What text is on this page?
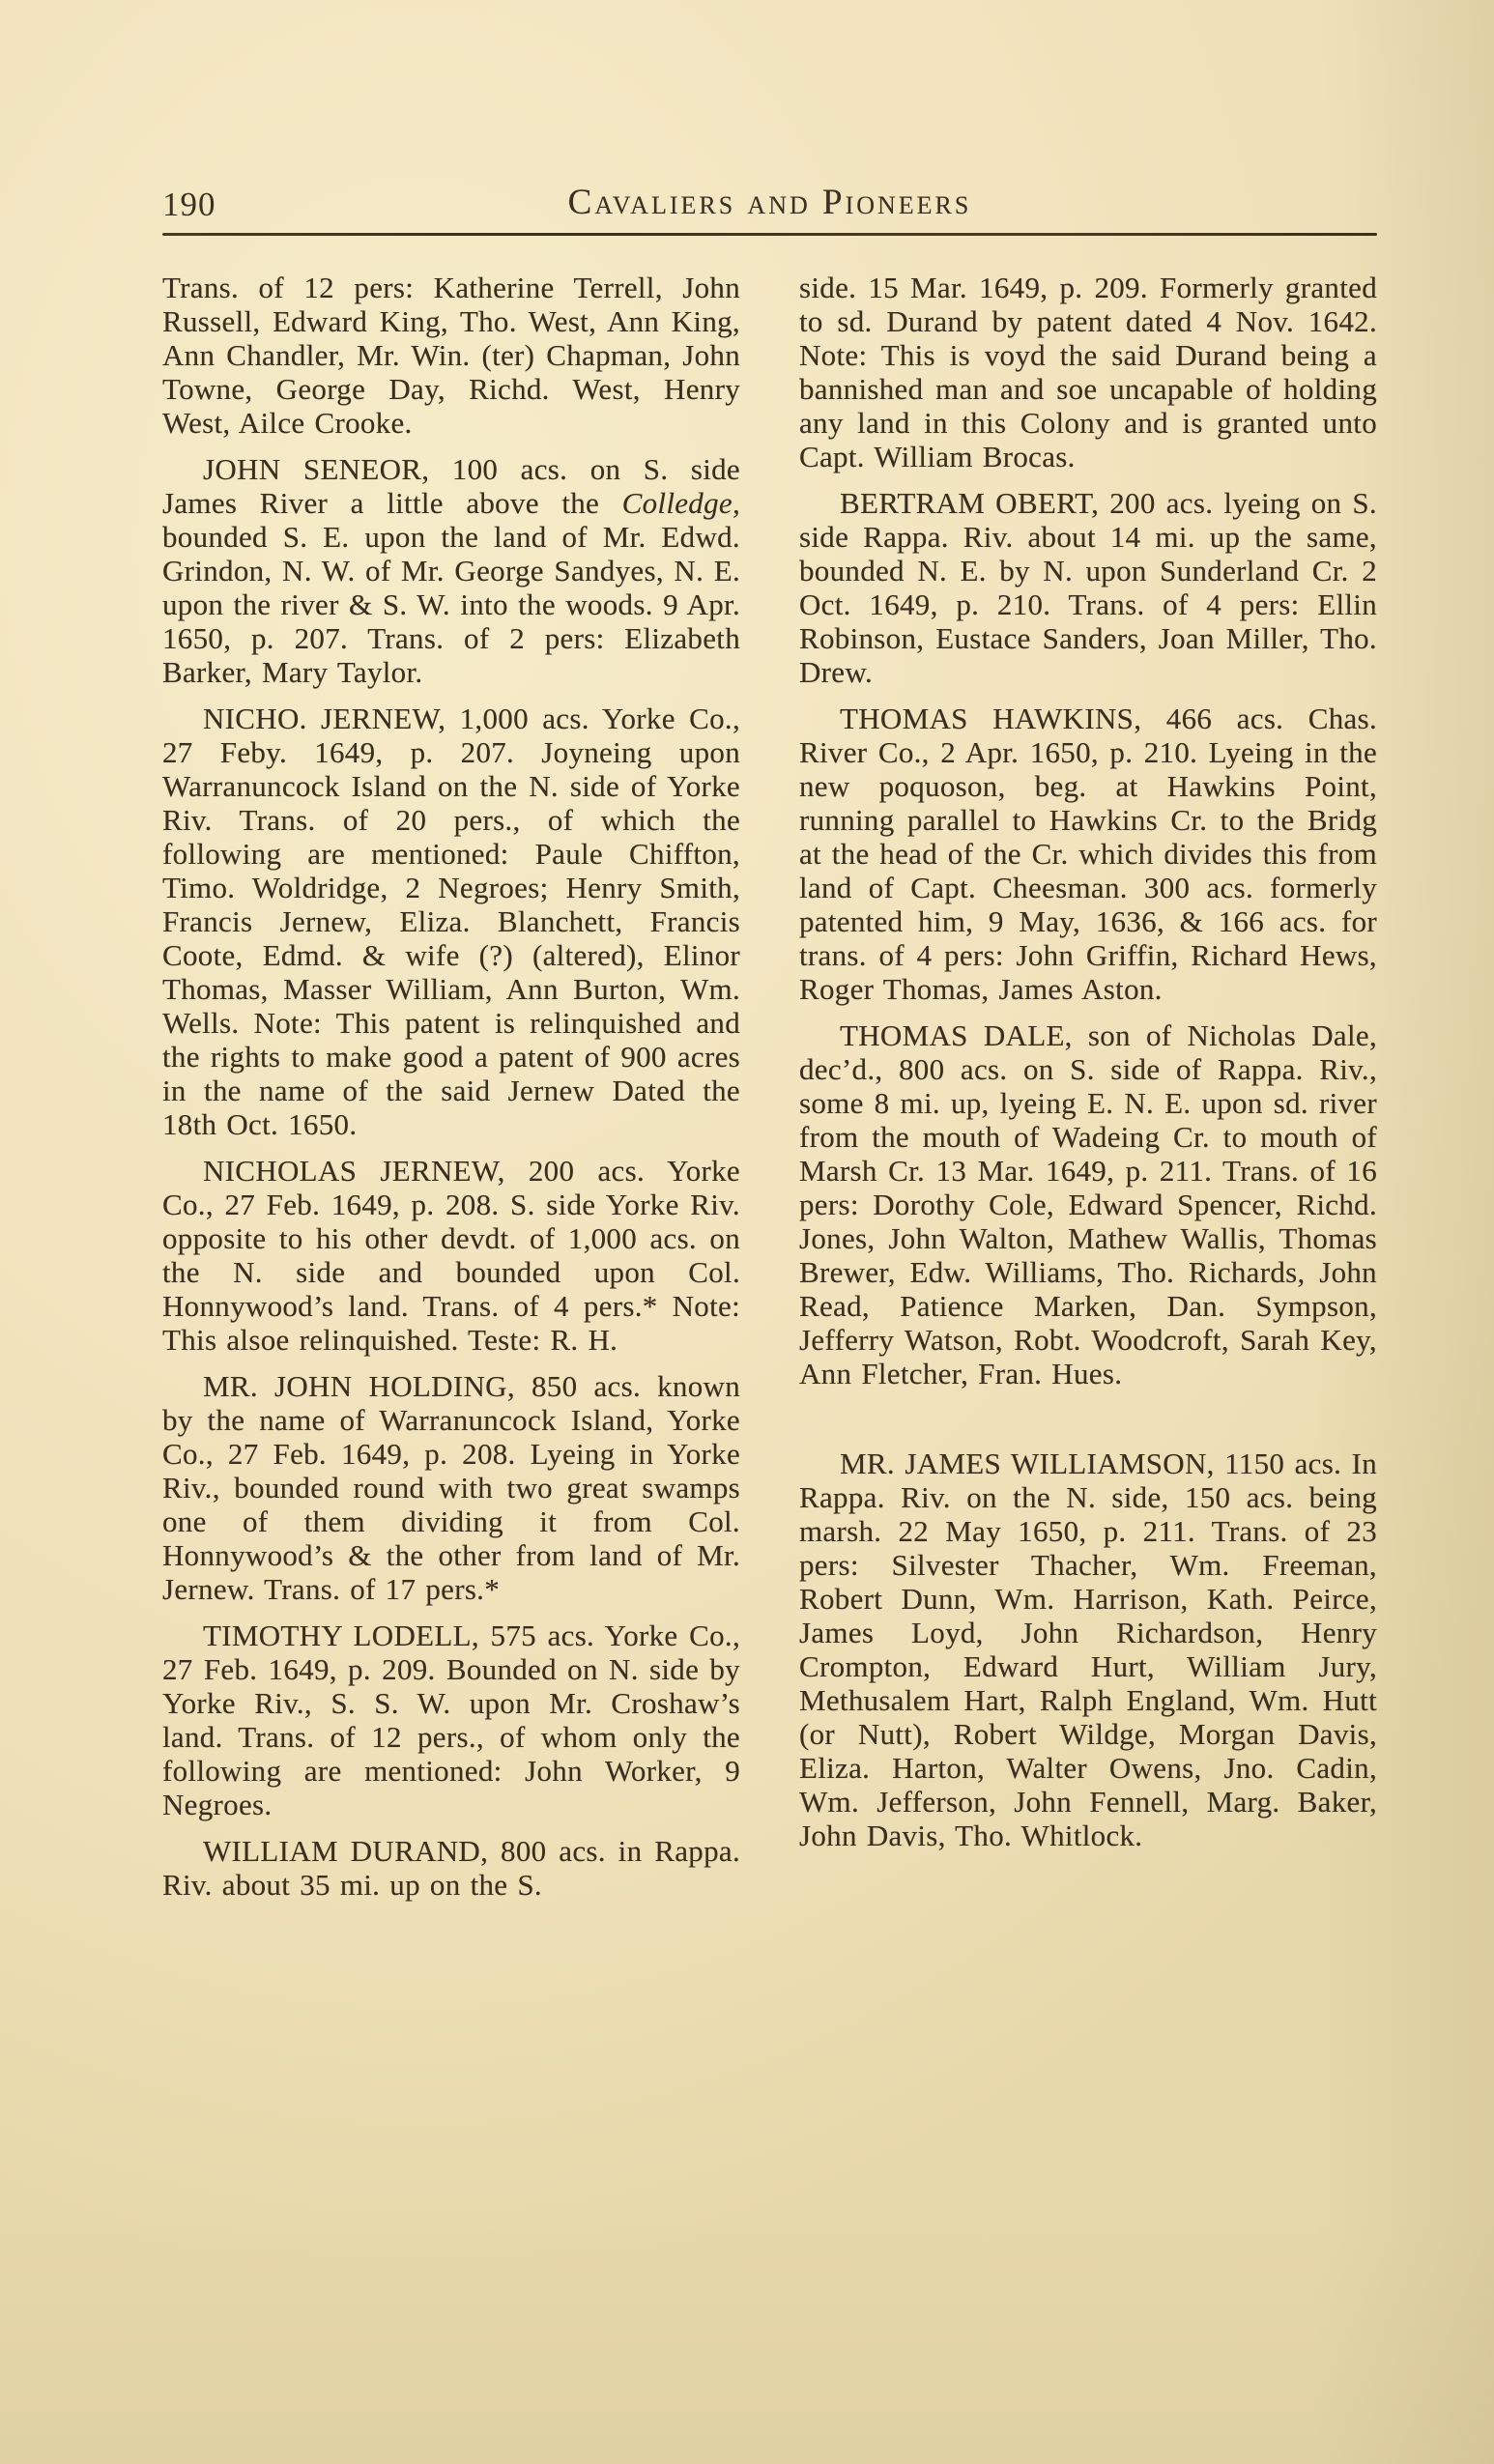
190	Cavaliers and Pioneers

Trans. of 12 pers: Katherine Terrell, John Russell, Edward King, Tho. West, Ann King, Ann Chandler, Mr. Win. (ter) Chapman, John Towne, George Day, Richd. West, Henry West, Ailce Crooke.

JOHN SENEOR, 100 acs. on S. side James River a little above the Colledge, bounded S. E. upon the land of Mr. Edwd. Grindon, N. W. of Mr. George Sandyes, N. E. upon the river & S. W. into the woods. 9 Apr. 1650, p. 207. Trans. of 2 pers: Elizabeth Barker, Mary Taylor.

NICHO. JERNEW, 1,000 acs. Yorke Co., 27 Feby. 1649, p. 207. Joyneing upon Warranuncock Island on the N. side of Yorke Riv. Trans. of 20 pers., of which the following are mentioned: Paule Chiffton, Timo. Woldridge, 2 Negroes; Henry Smith, Francis Jernew, Eliza. Blanchett, Francis Coote, Edmd. & wife (?) (altered), Elinor Thomas, Masser William, Ann Burton, Wm. Wells. Note: This patent is relinquished and the rights to make good a patent of 900 acres in the name of the said Jernew Dated the 18th Oct. 1650.

NICHOLAS JERNEW, 200 acs. Yorke Co., 27 Feb. 1649, p. 208. S. side Yorke Riv. opposite to his other devdt. of 1,000 acs. on the N. side and bounded upon Col. Honnywood’s land. Trans. of 4 pers.* Note: This alsoe relinquished. Teste: R. H.

MR. JOHN HOLDING, 850 acs. known by the name of Warranuncock Island, Yorke Co., 27 Feb. 1649, p. 208. Lyeing in Yorke Riv., bounded round with two great swamps one of them dividing it from Col. Honnywood’s & the other from land of Mr. Jernew. Trans. of 17 pers.*

TIMOTHY LODELL, 575 acs. Yorke Co., 27 Feb. 1649, p. 209. Bounded on N. side by Yorke Riv., S. S. W. upon Mr. Croshaw’s land. Trans. of 12 pers., of whom only the following are mentioned: John Worker, 9 Negroes.

WILLIAM DURAND, 800 acs. in Rappa. Riv. about 35 mi. up on the S.

side. 15 Mar. 1649, p. 209. Formerly granted to sd. Durand by patent dated 4 Nov. 1642. Note: This is voyd the said Durand being a bannished man and soe uncapable of holding any land in this Colony and is granted unto Capt. William Brocas.

BERTRAM OBERT, 200 acs. lyeing on S. side Rappa. Riv. about 14 mi. up the same, bounded N. E. by N. upon Sunderland Cr. 2 Oct. 1649, p. 210. Trans. of 4 pers: Ellin Robinson, Eustace Sanders, Joan Miller, Tho. Drew.

THOMAS HAWKINS, 466 acs. Chas. River Co., 2 Apr. 1650, p. 210. Lyeing in the new poquoson, beg. at Hawkins Point, running parallel to Hawkins Cr. to the Bridg at the head of the Cr. which divides this from land of Capt. Cheesman. 300 acs. formerly patented him, 9 May, 1636, & 166 acs. for trans. of 4 pers: John Griffin, Richard Hews, Roger Thomas, James Aston.

THOMAS DALE, son of Nicholas Dale, dec’d., 800 acs. on S. side of Rappa. Riv., some 8 mi. up, lyeing E. N. E. upon sd. river from the mouth of Wadeing Cr. to mouth of Marsh Cr. 13 Mar. 1649, p. 211. Trans. of 16 pers: Dorothy Cole, Edward Spencer, Richd. Jones, John Walton, Mathew Wallis, Thomas Brewer, Edw. Williams, Tho. Richards, John Read, Patience Marken, Dan. Sympson, Jefferry Watson, Robt. Woodcroft, Sarah Key, Ann Fletcher, Fran. Hues.

MR. JAMES WILLIAMSON, 1150 acs. In Rappa. Riv. on the N. side, 150 acs. being marsh. 22 May 1650, p. 211. Trans. of 23 pers: Silvester Thacher, Wm. Freeman, Robert Dunn, Wm. Harrison, Kath. Peirce, James Loyd, John Richardson, Henry Crompton, Edward Hurt, William Jury, Methusalem Hart, Ralph England, Wm. Hutt (or Nutt), Robert Wildge, Morgan Davis, Eliza. Harton, Walter Owens, Jno. Cadin, Wm. Jefferson, John Fennell, Marg. Baker, John Davis, Tho. Whitlock.
